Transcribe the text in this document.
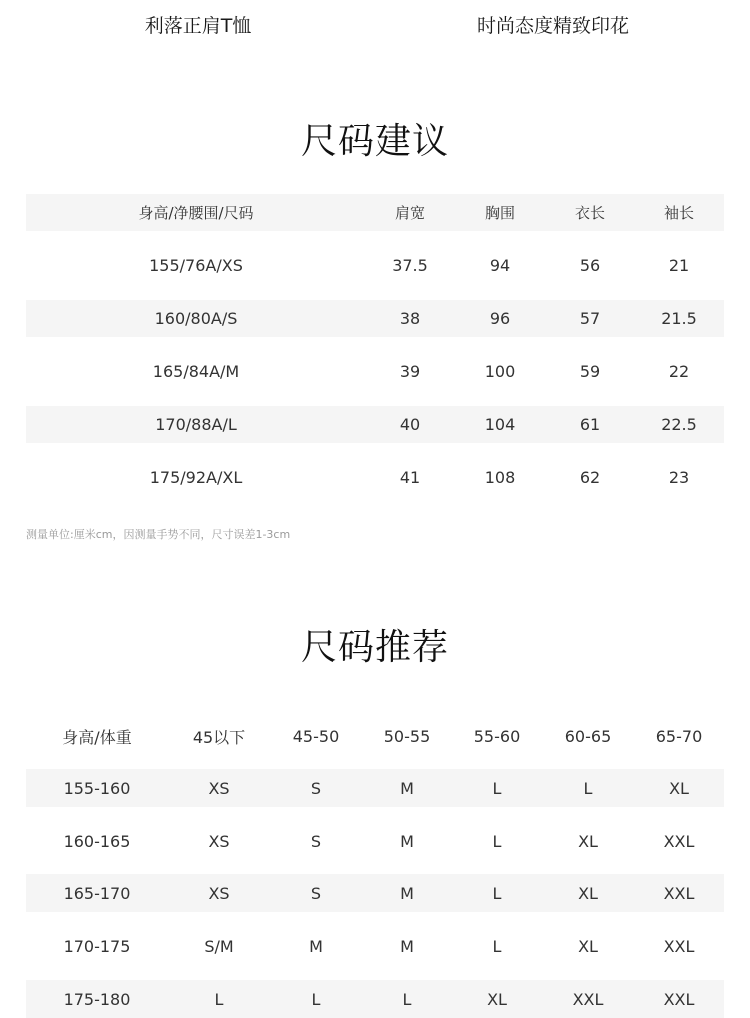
利落正肩T恤	时尚态度精致印花
尺码建议
身高/净腰围/尺码	肩宽	胸围	衣长	袖长
155/76A/XS	37.5	94	56	21
160/80A/S	38	96	57	21.5
165/84A/M	39	100	59	22
170/88A/L	40	104	61	22.5
175/92A/XL	41	108	62	23
测量单位:厘米cm，因测量手势不同，尺寸误差1-3cm
尺码推荐
身高/体重	45以下	45-50	50-55	55-60	60-65	65-70
155-160	XS	S	M	L	L	XL
160-165	XS	S	M	L	XL	XXL
165-170	XS	S	M	L	XL	XXL
170-175	S/M	M	M	L	XL	XXL
175-180	L	L	L	XL	XXL	XXL
